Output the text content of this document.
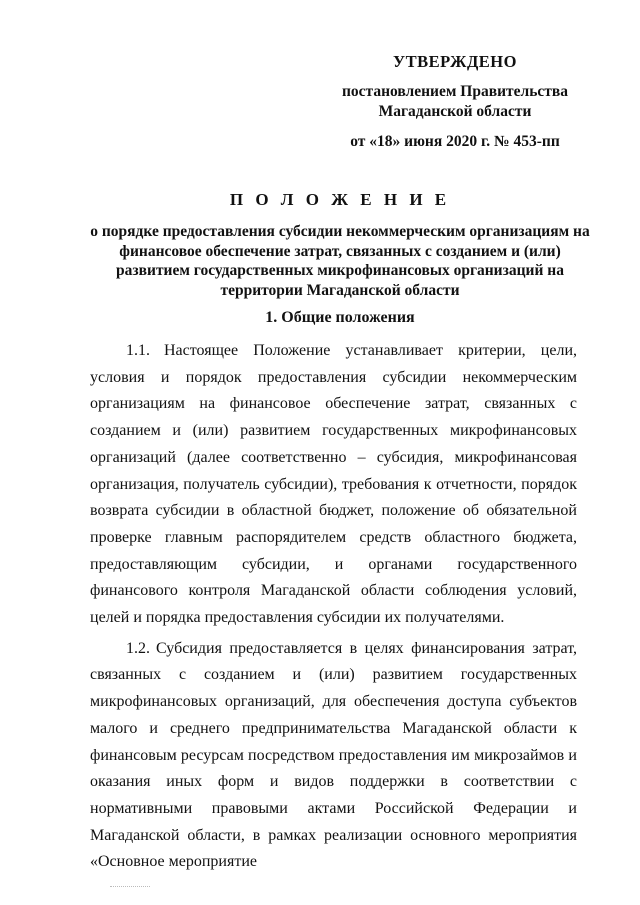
УТВЕРЖДЕНО
постановлением Правительства
Магаданской области
от «18» июня 2020 г. № 453-пп
П О Л О Ж Е Н И Е
о порядке предоставления субсидии некоммерческим организациям на финансовое обеспечение затрат, связанных с созданием и (или) развитием государственных микрофинансовых организаций на территории Магаданской области
1. Общие положения

1.1. Настоящее Положение устанавливает критерии, цели, условия и порядок предоставления субсидии некоммерческим организациям на финансовое обеспечение затрат, связанных с созданием и (или) развитием государственных микрофинансовых организаций (далее соответственно – субсидия, микрофинансовая организация, получатель субсидии), требования к отчетности, порядок возврата субсидии в областной бюджет, положение об обязательной проверке главным распорядителем средств областного бюджета, предоставляющим субсидии, и органами государственного финансового контроля Магаданской области соблюдения условий, целей и порядка предоставления субсидии их получателями.

1.2. Субсидия предоставляется в целях финансирования затрат, связанных с созданием и (или) развитием государственных микрофинансовых организаций, для обеспечения доступа субъектов малого и среднего предпринимательства Магаданской области к финансовым ресурсам посредством предоставления им микрозаймов и оказания иных форм и видов поддержки в соответствии с нормативными правовыми актами Российской Федерации и Магаданской области, в рамках реализации основного мероприятия «Основное мероприятие
